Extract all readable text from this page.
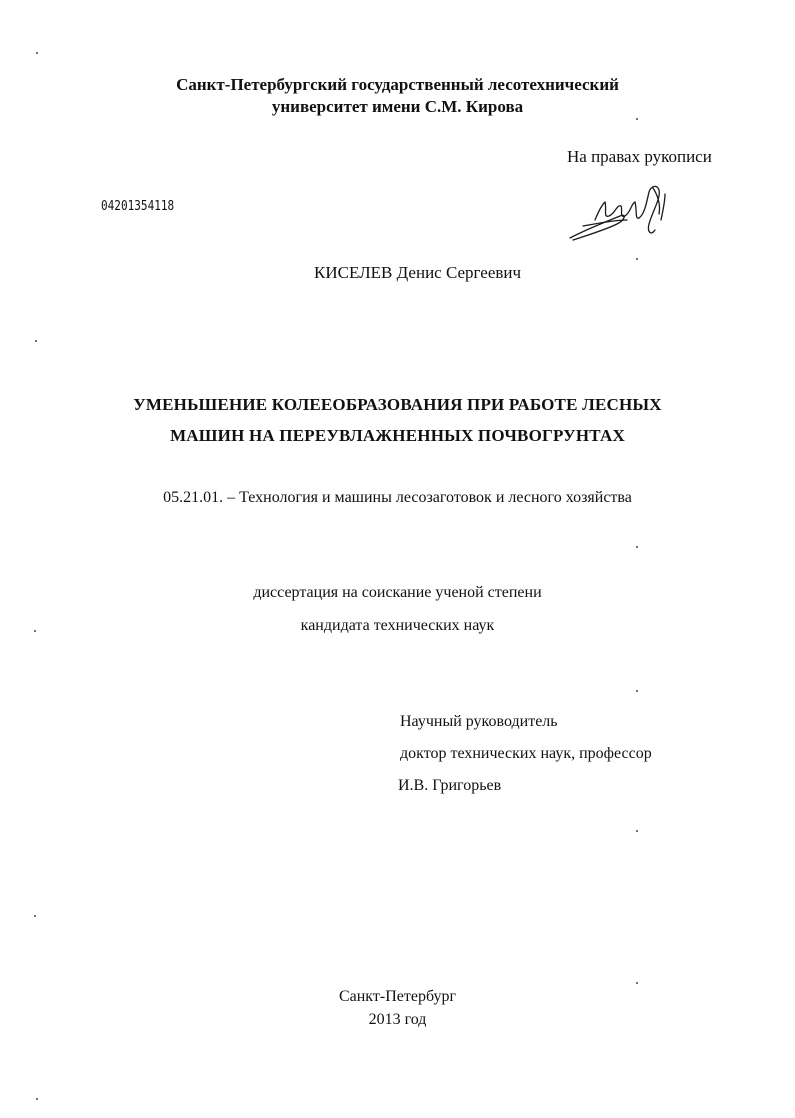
Санкт-Петербургский государственный лесотехнический
университет имени С.М. Кирова
На правах рукописи
04201354118
КИСЕЛЕВ Денис Сергеевич
УМЕНЬШЕНИЕ КОЛЕЕОБРАЗОВАНИЯ ПРИ РАБОТЕ ЛЕСНЫХ
МАШИН НА ПЕРЕУВЛАЖНЕННЫХ ПОЧВОГРУНТАХ
05.21.01. – Технология и машины лесозаготовок и лесного хозяйства
диссертация на соискание ученой степени
кандидата технических наук
Научный руководитель
доктор технических наук, профессор
И.В. Григорьев
Санкт-Петербург
2013 год
